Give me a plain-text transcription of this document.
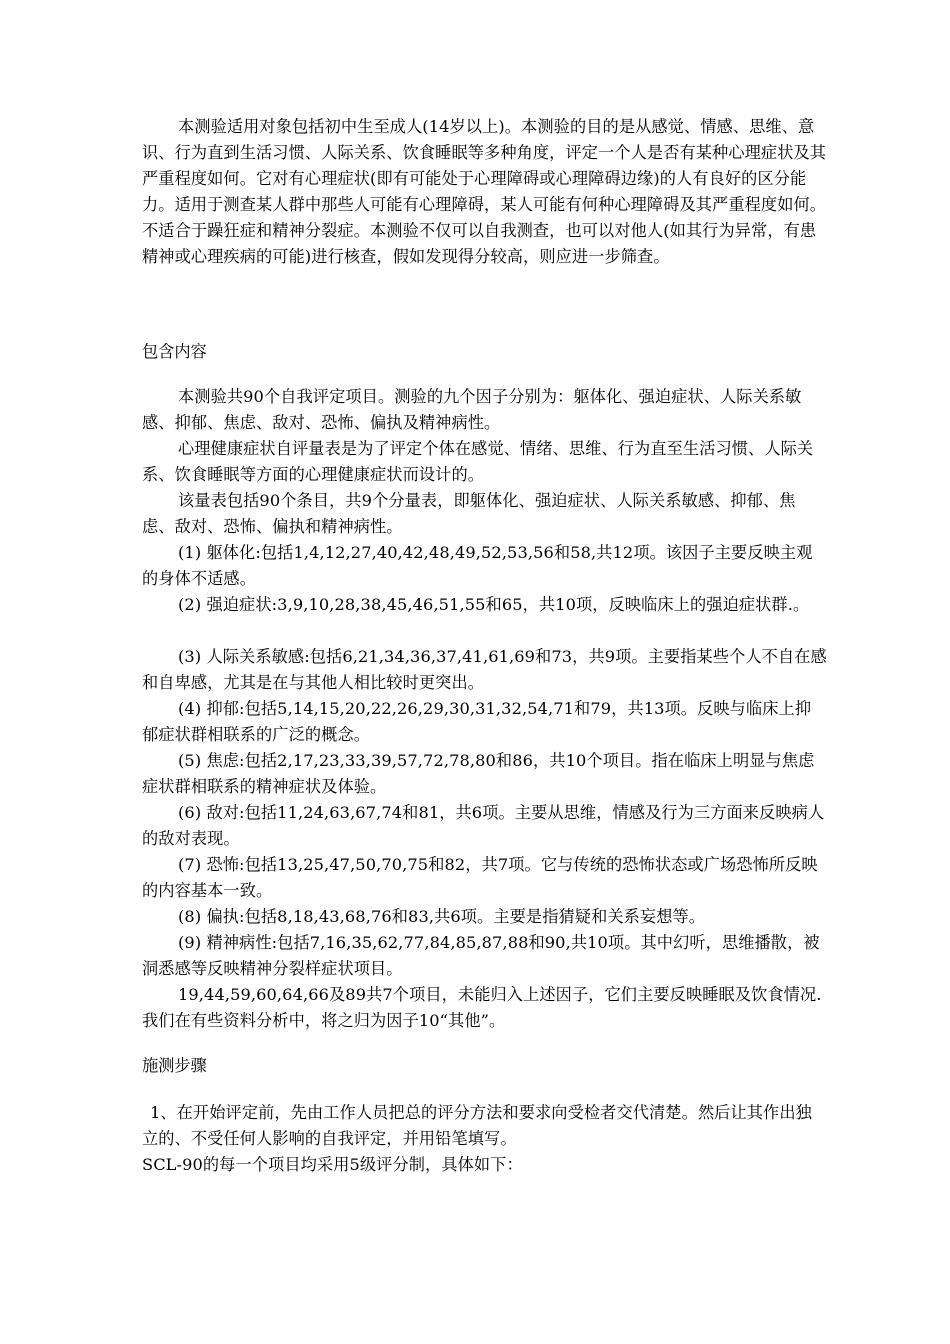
本测验适用对象包括初中生至成人(14岁以上)。本测验的目的是从感觉、情感、思维、意识、行为直到生活习惯、人际关系、饮食睡眠等多种角度，评定一个人是否有某种心理症状及其严重程度如何。它对有心理症状(即有可能处于心理障碍或心理障碍边缘)的人有良好的区分能力。适用于测查某人群中那些人可能有心理障碍，某人可能有何种心理障碍及其严重程度如何。不适合于躁狂症和精神分裂症。本测验不仅可以自我测查，也可以对他人(如其行为异常，有患精神或心理疾病的可能)进行核查，假如发现得分较高，则应进一步筛查。

包含内容

本测验共90个自我评定项目。测验的九个因子分别为：躯体化、强迫症状、人际关系敏感、抑郁、焦虑、敌对、恐怖、偏执及精神病性。

心理健康症状自评量表是为了评定个体在感觉、情绪、思维、行为直至生活习惯、人际关系、饮食睡眠等方面的心理健康症状而设计的。

该量表包括90个条目，共9个分量表，即躯体化、强迫症状、人际关系敏感、抑郁、焦虑、敌对、恐怖、偏执和精神病性。

(1) 躯体化:包括1,4,12,27,40,42,48,49,52,53,56和58,共12项。该因子主要反映主观的身体不适感。

(2) 强迫症状:3,9,10,28,38,45,46,51,55和65，共10项，反映临床上的强迫症状群.。

(3) 人际关系敏感:包括6,21,34,36,37,41,61,69和73，共9项。主要指某些个人不自在感和自卑感，尤其是在与其他人相比较时更突出。

(4) 抑郁:包括5,14,15,20,22,26,29,30,31,32,54,71和79，共13项。反映与临床上抑郁症状群相联系的广泛的概念。

(5) 焦虑:包括2,17,23,33,39,57,72,78,80和86，共10个项目。指在临床上明显与焦虑症状群相联系的精神症状及体验。

(6) 敌对:包括11,24,63,67,74和81，共6项。主要从思维，情感及行为三方面来反映病人的敌对表现。

(7) 恐怖:包括13,25,47,50,70,75和82，共7项。它与传统的恐怖状态或广场恐怖所反映的内容基本一致。

(8) 偏执:包括8,18,43,68,76和83,共6项。主要是指猜疑和关系妄想等。

(9) 精神病性:包括7,16,35,62,77,84,85,87,88和90,共10项。其中幻听，思维播散，被洞悉感等反映精神分裂样症状项目。

19,44,59,60,64,66及89共7个项目，未能归入上述因子，它们主要反映睡眠及饮食情况.我们在有些资料分析中，将之归为因子10“其他”。

施测步骤

1、在开始评定前，先由工作人员把总的评分方法和要求向受检者交代清楚。然后让其作出独立的、不受任何人影响的自我评定，并用铅笔填写。

SCL-90的每一个项目均采用5级评分制，具体如下：
